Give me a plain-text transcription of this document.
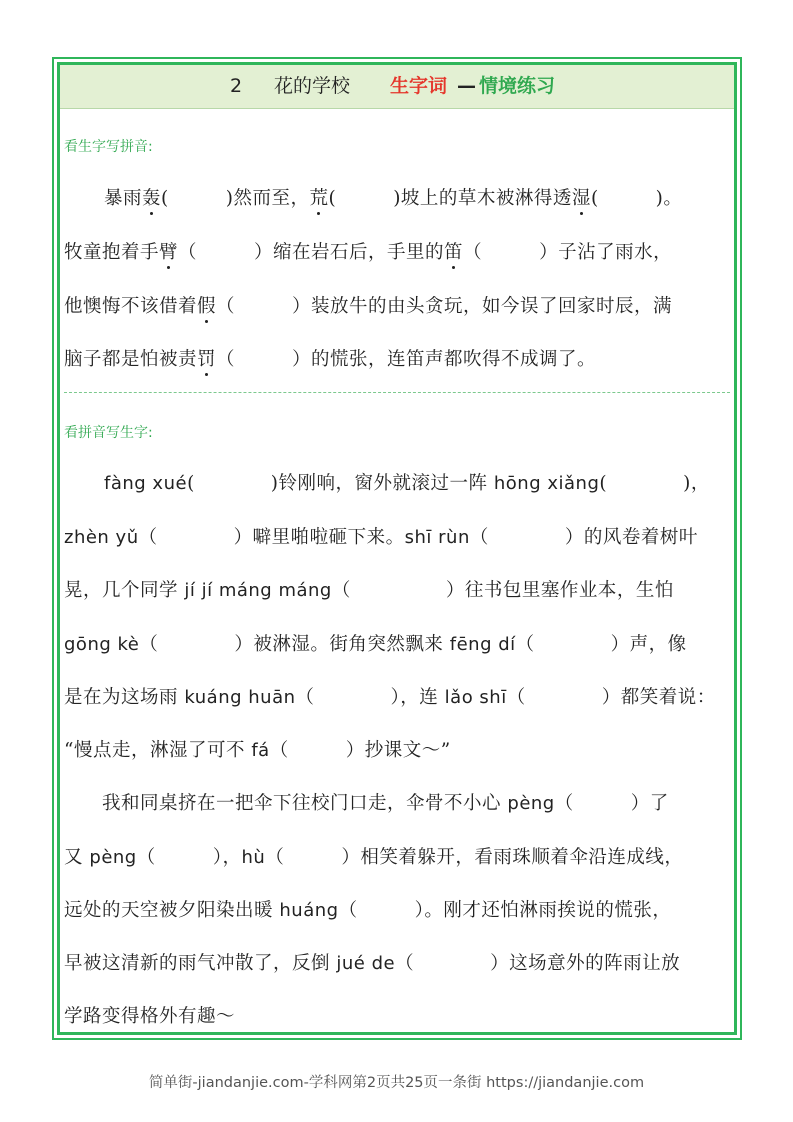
2 花的学校 生字词 — 情境练习
看生字写拼音:
暴雨轰(　　　)然而至，荒(　　　)坡上的草木被淋得透湿(　　　)。
牧童抱着手臂（　　　）缩在岩石后，手里的笛（　　　）子沾了雨水，
他懊悔不该借着假（　　　）装放牛的由头贪玩，如今误了回家时辰，满
脑子都是怕被责罚（　　　）的慌张，连笛声都吹得不成调了。
看拼音写生字:
fàng xué(　　　　)铃刚响，窗外就滚过一阵 hōng xiǎng(　　　　)，
zhèn yǔ（　　　　）噼里啪啦砸下来。shī rùn（　　　　）的风卷着树叶
晃，几个同学 jí jí máng máng（　　　　　）往书包里塞作业本，生怕
gōng kè（　　　　）被淋湿。街角突然飘来 fēng dí（　　　　）声，像
是在为这场雨 kuáng huān（　　　　），连 lǎo shī（　　　　）都笑着说：
“慢点走，淋湿了可不 fá（　　　）抄课文～”
　　我和同桌挤在一把伞下往校门口走，伞骨不小心 pèng（　　　）了
又 pèng（　　　），hù（　　　）相笑着躲开，看雨珠顺着伞沿连成线，
远处的天空被夕阳染出暖 huáng（　　　）。刚才还怕淋雨挨说的慌张，
早被这清新的雨气冲散了，反倒 jué de（　　　　）这场意外的阵雨让放
学路变得格外有趣～
简单街-jiandanjie.com-学科网第2页共25页一条街 https://jiandanjie.com
